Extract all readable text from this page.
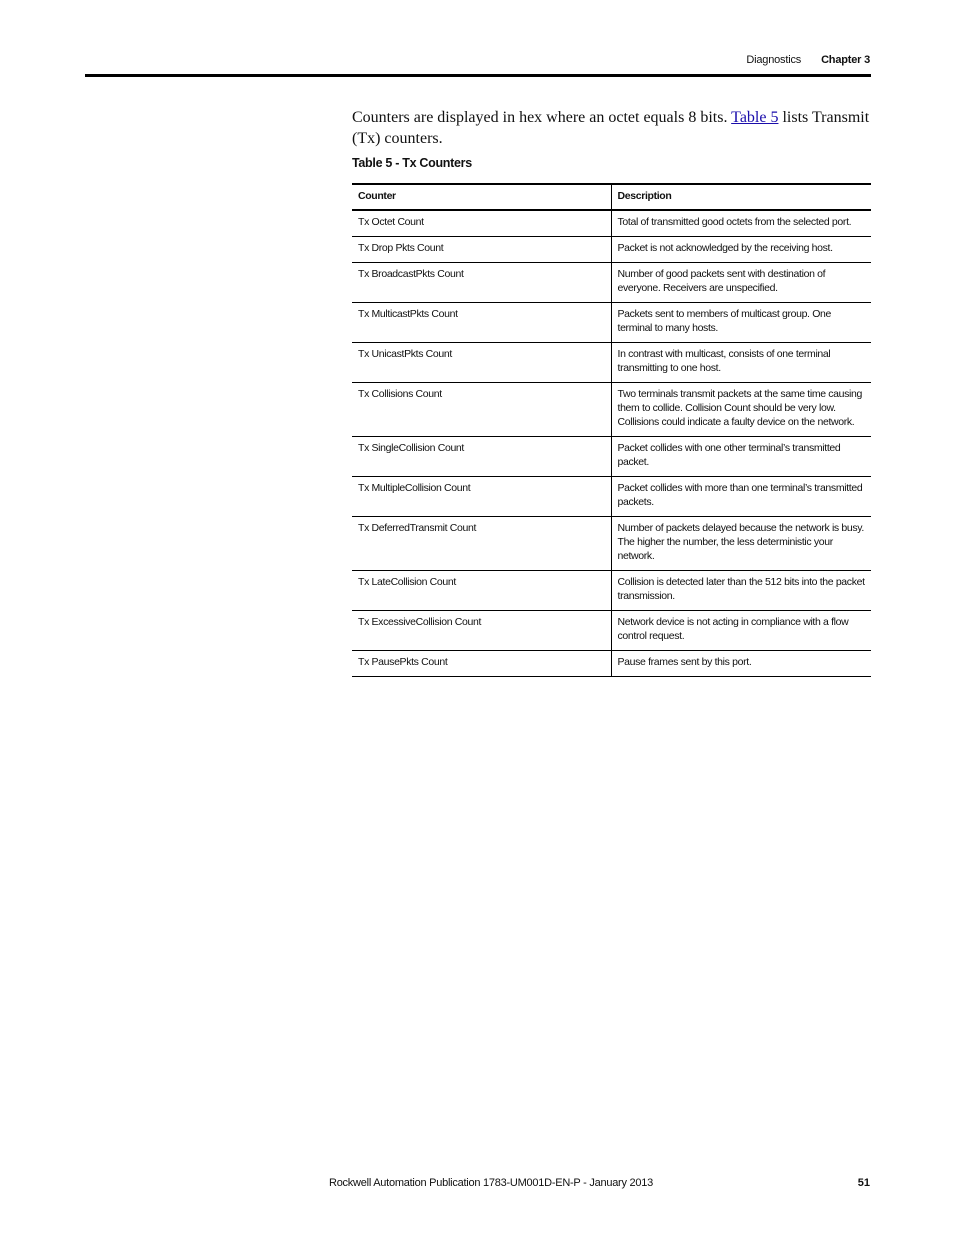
Diagnostics Chapter 3

Counters are displayed in hex where an octet equals 8 bits. Table 5 lists Transmit (Tx) counters.

Table 5 - Tx Counters
Counter	Description
Tx Octet Count	Total of transmitted good octets from the selected port.
Tx Drop Pkts Count	Packet is not acknowledged by the receiving host.
Tx BroadcastPkts Count	Number of good packets sent with destination of everyone. Receivers are unspecified.
Tx MulticastPkts Count	Packets sent to members of multicast group. One terminal to many hosts.
Tx UnicastPkts Count	In contrast with multicast, consists of one terminal transmitting to one host.
Tx Collisions Count	Two terminals transmit packets at the same time causing them to collide. Collision Count should be very low. Collisions could indicate a faulty device on the network.
Tx SingleCollision Count	Packet collides with one other terminal’s transmitted packet.
Tx MultipleCollision Count	Packet collides with more than one terminal’s transmitted packets.
Tx DeferredTransmit Count	Number of packets delayed because the network is busy. The higher the number, the less deterministic your network.
Tx LateCollision Count	Collision is detected later than the 512 bits into the packet transmission.
Tx ExcessiveCollision Count	Network device is not acting in compliance with a flow control request.
Tx PausePkts Count	Pause frames sent by this port.
Rockwell Automation Publication 1783-UM001D-EN-P - January 2013	51
